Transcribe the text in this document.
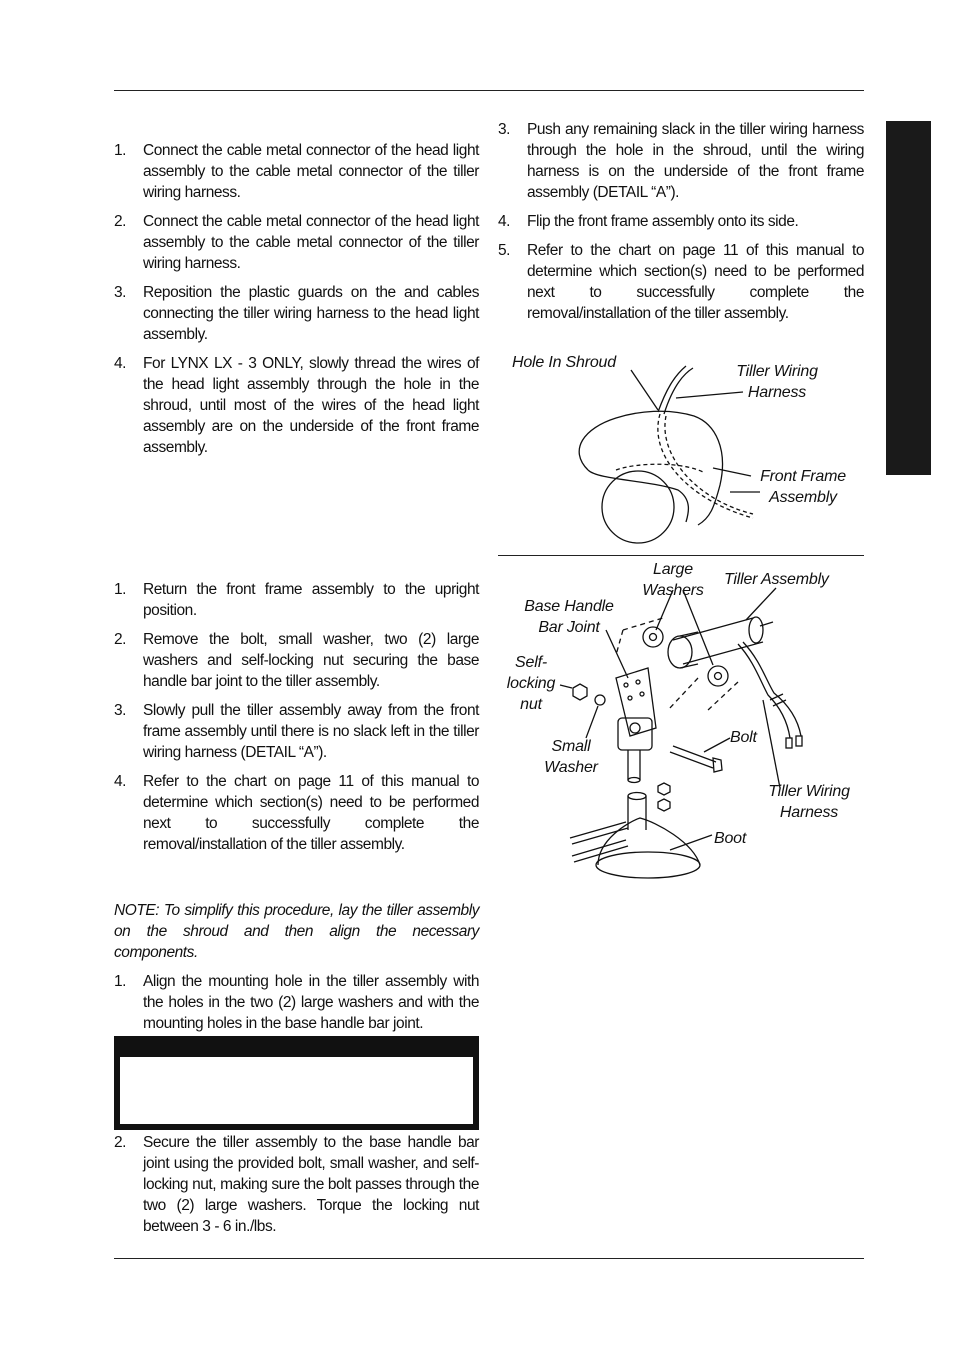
1. Connect the cable metal connector of the head light assembly to the cable metal connector of the tiller wiring harness.
2. Connect the cable metal connector of the head light assembly to the cable metal connector of the tiller wiring harness.
3. Reposition the plastic guards on the and cables connecting the tiller wiring harness to the head light assembly.
4. For LYNX LX - 3 ONLY, slowly thread the wires of the head light assembly through the hole in the shroud, until most of the wires of the head light assembly are on the underside of the front frame assembly.
1. Return the front frame assembly to the upright position.
2. Remove the bolt, small washer, two (2) large washers and self-locking nut securing the base handle bar joint to the tiller assembly.
3. Slowly pull the tiller assembly away from the front frame assembly until there is no slack left in the tiller wiring harness (DETAIL “A”).
4. Refer to the chart on page 11 of this manual to determine which section(s) need to be performed next to successfully complete the removal/installation of the tiller assembly.
NOTE: To simplify this procedure, lay the tiller assembly on the shroud and then align the necessary components.
1. Align the mounting hole in the tiller assembly with the holes in the two (2) large washers and with the mounting holes in the base handle bar joint.
2. Secure the tiller assembly to the base handle bar joint using the provided bolt, small washer, and self-locking nut, making sure the bolt passes through the two (2) large washers. Torque the locking nut between 3 - 6 in./lbs.
3. Push any remaining slack in the tiller wiring harness through the hole in the shroud, until the wiring harness is on the underside of the front frame assembly (DETAIL “A”).
4. Flip the front frame assembly onto its side.
5. Refer to the chart on page 11 of this manual to determine which section(s) need to be performed next to successfully complete the removal/installation of the tiller assembly.
Hole In Shroud
Tiller Wiring
Harness
Front Frame
Assembly
Large
Washers
Tiller Assembly
Base Handle
Bar Joint
Self-
locking
nut
Small
Washer
Bolt
Tiller Wiring
Harness
Boot
